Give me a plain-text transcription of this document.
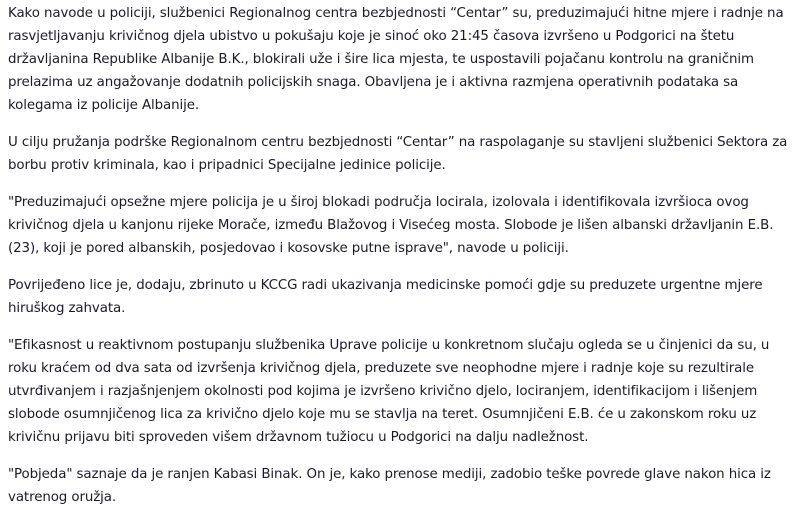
Kako navode u policiji, službenici Regionalnog centra bezbjednosti “Centar” su, preduzimajući hitne mjere i radnje na rasvjetljavanju krivičnog djela ubistvo u pokušaju koje je sinoć oko 21:45 časova izvršeno u Podgorici na štetu državljanina Republike Albanije B.K., blokirali uže i šire lica mjesta, te uspostavili pojačanu kontrolu na graničnim prelazima uz angažovanje dodatnih policijskih snaga. Obavljena je i aktivna razmjena operativnih podataka sa kolegama iz policije Albanije.

U cilju pružanja podrške Regionalnom centru bezbjednosti “Centar” na raspolaganje su stavljeni službenici Sektora za borbu protiv kriminala, kao i pripadnici Specijalne jedinice policije.

"Preduzimajući opsežne mjere policija je u široj blokadi područja locirala, izolovala i identifikovala izvršioca ovog krivičnog djela u kanjonu rijeke Morače, između Blažovog i Visećeg mosta. Slobode je lišen albanski državljanin E.B. (23), koji je pored albanskih, posjedovao i kosovske putne isprave", navode u policiji.

Povrijeđeno lice je, dodaju, zbrinuto u KCCG radi ukazivanja medicinske pomoći gdje su preduzete urgentne mjere hiruškog zahvata.

"Efikasnost u reaktivnom postupanju službenika Uprave policije u konkretnom slučaju ogleda se u činjenici da su, u roku kraćem od dva sata od izvršenja krivičnog djela, preduzete sve neophodne mjere i radnje koje su rezultirale utvrđivanjem i razjašnjenjem okolnosti pod kojima je izvršeno krivično djelo, lociranjem, identifikacijom i lišenjem slobode osumnjičenog lica za krivično djelo koje mu se stavlja na teret. Osumnjičeni E.B. će u zakonskom roku uz krivičnu prijavu biti sproveden višem državnom tužiocu u Podgorici na dalju nadležnost.

"Pobjeda" saznaje da je ranjen Kabasi Binak. On je, kako prenose mediji, zadobio teške povrede glave nakon hica iz vatrenog oružja.
